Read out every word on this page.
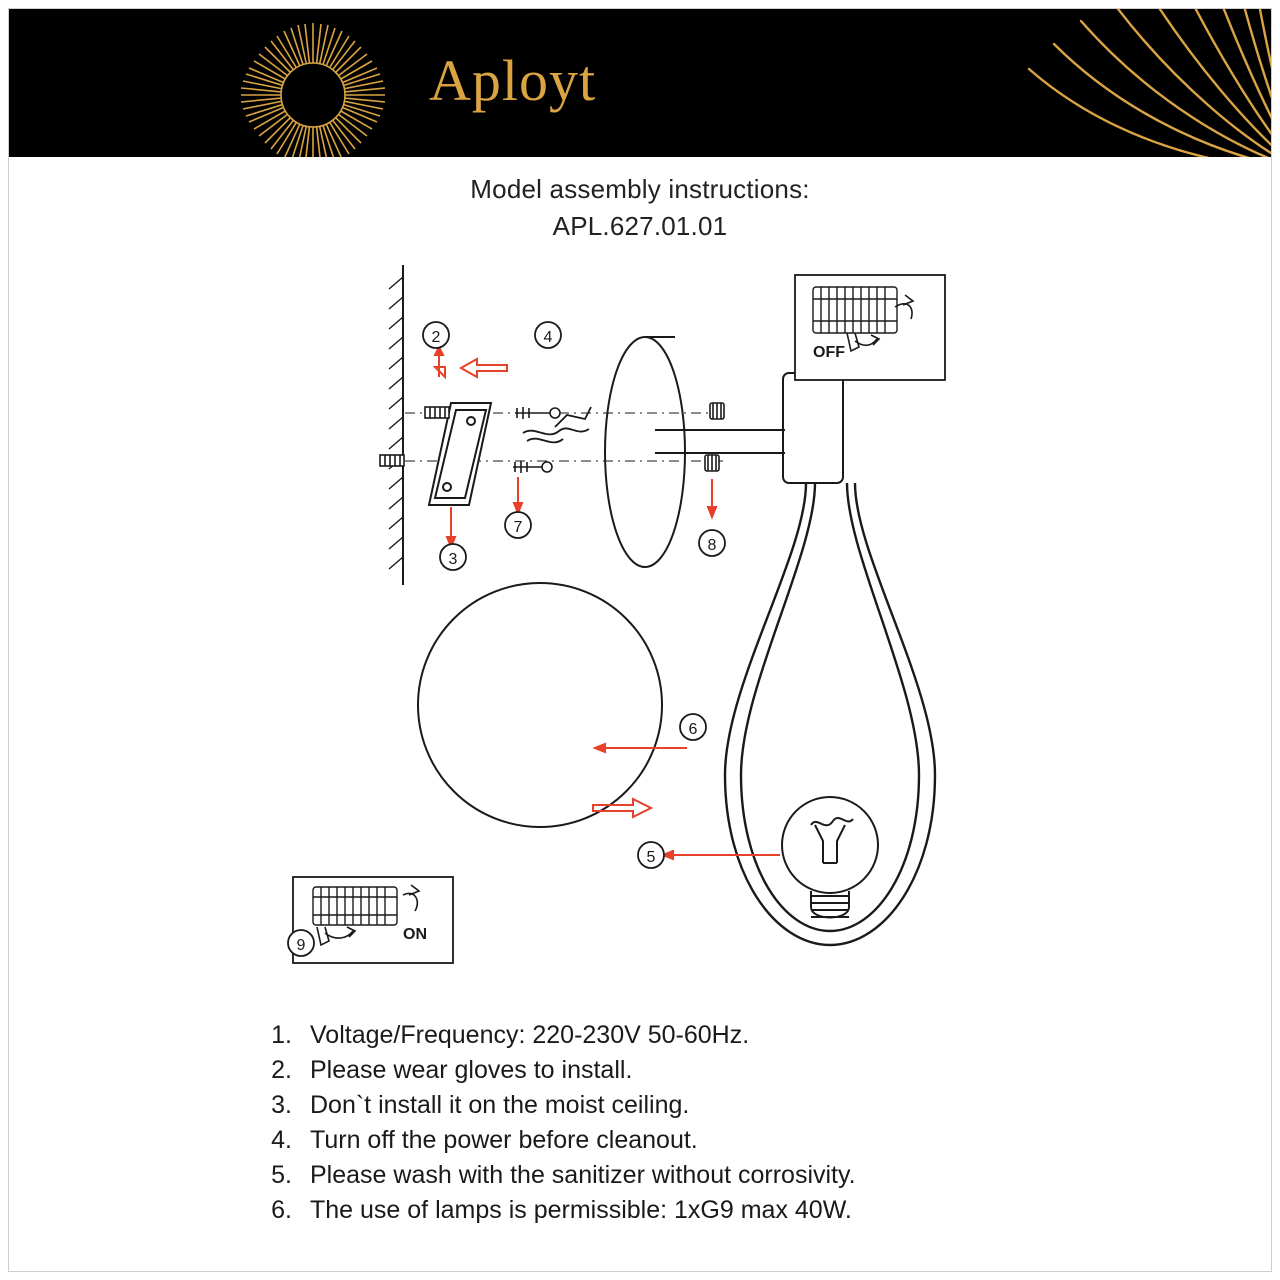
Aployt
Model assembly instructions:
APL.627.01.01
2
3
4
5
6
7
8
OFF
9
ON
1. Voltage/Frequency: 220-230V 50-60Hz.
2. Please wear gloves to install.
3. Don`t install it on the moist ceiling.
4. Turn off the power before cleanout.
5. Please wash with the sanitizer without corrosivity.
6. The use of lamps is permissible: 1xG9 max 40W.
